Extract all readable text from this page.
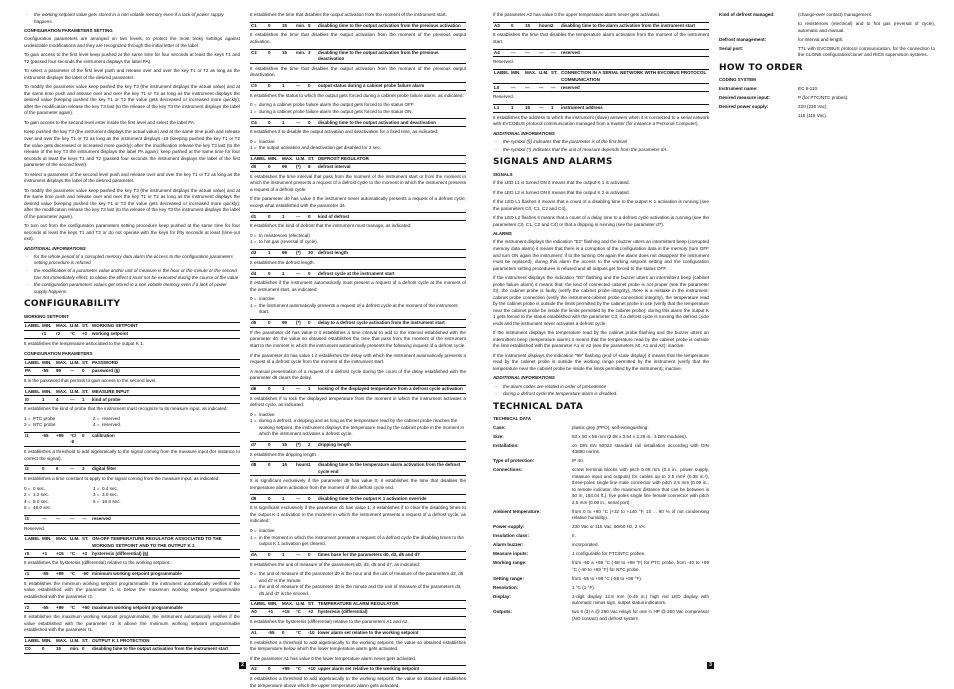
- the working setpoint value gets stored in a non volatile memory even if a lack of power supply happens.
CONFIGURATION PARAMETERS SETTING

Configuration parameters are arranged on two levels, to protect the most tricky settings against undesirable modifications and they are recognized through the initial letter of the label.

To gain access to the first level keep pushed at the same time for four seconds at least the keys T1 and T2 (passed four seconds the instrument displays the label PA).

To select a parameter of the first level push and release over and over the key T1 or T2 as long as the instrument displays the label of the desired parameter.

To modify the parameter value keep pushed the key T3 (the instrument displays the actual value) and at the same time push and release over and over the key T1 or T2 as long as the instrument displays the desired value (keeping pushed the key T1 or T2 the value gets decreased or increased more quickly); after the modification release the key T3 last (to the release of the key T3 the instrument displays the label of the parameter again).

To gain access to the second level enter inside the first level and select the label PA.

Keep pushed the key T3 (the instrument displays the actual value) and at the same time push and release over and over the key T1 or T2 as long as the instrument displays -19 (keeping pushed the key T1 or T2 the value gets decreased or increased more quickly); after the modification release the key T3 last (to the release of the key T3 the instrument displays the label PA again); keep pushed at the same time for four seconds at least the keys T1 and T2 (passed four seconds the instrument displays the label of the first parameter of the second level).

To select a parameter of the second level push and release over and over the key T1 or T2 as long as the instrument displays the label of the desired parameter.

To modify the parameter value keep pushed the key T3 (the instrument displays the actual value) and at the same time push and release over and over the key T1 or T2 as long as the instrument displays the desired value (keeping pushed the key T1 or T2 the value gets decreased or increased more quickly); after the modification release the key T3 last (to the release of the key T3 the instrument displays the label of the parameter again).

To turn out from the configuration parameters setting procedure keep pushed at the same time for four seconds at least the keys T1 and T2 or do not operate with the keys for fifty seconds at least (time-out exit).

ADDITIONAL INFORMATIONS
- for the whole period of a corrupted memory data alarm the access to the configuration parameters setting procedure is refused
- the modification of a parameter value and/or unit of measure is the hour or the minute or the second has not immediately effect, to obtain the effect it must not be executed during the course of the value
- the configuration parameters values get stored in a non volatile memory even if a lack of power supply happens.
CONFIGURABILITY
WORKING SETPOINT
LABEL	MIN.	MAX.	U.M.	ST.	WORKING SETPOINT
	r1	r2	°C	+2	working setpoint

It establishes the temperature associated to the output K 1.

CONFIGURATION PARAMETERS
LABEL	MIN.	MAX.	U.M.	ST.	PASSWORD
PA	-55	99	---	0	password (§)

It is the password that permits to gain access to the second level.

LABEL	MIN.	MAX.	U.M.	ST.	MEASURE INPUT
/0	1	4	---	1	kind of probe

It establishes the kind of probe that the instrument must recognize to its measure input, as indicated:

1 = PTC probe	2 = reserved
3 = NTC probe	4 = reserved.
/1	-55	+99	°C/·8	0	calibration

It establishes a threshold to add algebraically to the signal coming from the measure input (for instance to correct the signal).

/2	0	6	---	3	digital filter

It establishes a time constant to apply to the signal coming from the measure input, as indicated:

0 = 0 sec.	1 = 0.4 sec.
2 = 1.2 sec.	3 = 3.0 sec.
4 = 8.0 sec.	5 = 19.8 sec.
6 = 48.0 sec.
/3	---	---	---	---	reserved

Reserved.

LABEL	MIN.	MAX.	U.M.	ST.	ON-OFF TEMPERATURE REGULATOR ASSOCIATED TO THE WORKING SETPOINT AND TO THE OUTPUT K 1
r0	+1	+15	°C	+2	hysteresis (differential) (§)

It establishes the hysteresis (differential) relative to the working setpoint.

r1	-55	+99	°C	-50	minimum working setpoint programmable

It establishes the minimum working setpoint programmable; the instrument automatically verifies if the value established with the parameter r1 is below the maximum working setpoint programmable established with the parameter r2.

r2	-55	+99	°C	+50	maximum working setpoint programmable

It establishes the maximum working setpoint programmable; the instrument automatically verifies if the value established with the parameter r2 is above the minimum working setpoint programmable established with the parameter r1.

LABEL	MIN.	MAX.	U.M.	ST.	OUTPUT K 1 PROTECTION
C0	0	15	min.	0	disabling time to the output activation from the instrument start

It establishes the time that disables the output activation from the moment of the instrument start.

C1	0	15	min.	5	disabling time to the output activation from the previous activation

It establishes the time that disables the output activation from the moment of the previous output activation.

C2	0	15	min.	3	disabling time to the output activation from the previous deactivation

It establishes the time that disables the output activation from the moment of the previous output deactivation.

C3	0	1	---	0	output status during a cabinet probe failure alarm

It establishes the status to which the output gets forced during a cabinet probe failure alarm, as indicated:

0 = during a cabinet probe failure alarm the output gets forced to the status OFF
1 = during a cabinet probe failure alarm the output gets forced to the status ON.
C4	0	1	---	0	disabling time to the output activation and deactivation

It establishes if to disable the output activation and deactivation for a fixed time, as indicated:

0 = inactive
1 = the output activation and deactivation get disabled for 3 sec.
LABEL	MIN.	MAX.	U.M.	ST.	DEFROST REGULATOR
d0	0	99	(*)	8	defrost interval

It establishes the time interval that pass from the moment of the instrument start or from the moment in which the instrument presents a request of a defrost cycle to the moment in which the instrument presents a request of a defrost cycle.

If the parameter d0 has value 0 the instrument never automatically presents a request of a defrost cycle, except what established with the parameter d4.

d1	0	1	---	0	kind of defrost

It establishes the kind of defrost that the instrument must manage, as indicated:

0 = to resistences (electrical)
1 = to hot gas (reversal of cycle).
d3	1	99	(*)	30	defrost length

It establishes the defrost length.

d4	0	1	---	0	defrost cycle at the instrument start

It establishes if the instrument automatically must present a request of a defrost cycle at the moment of the instrument start, as indicated:

0 = inactive
1 = the instrument automatically presents a request of a defrost cycle at the moment of the instrument start.
d5	0	99	(*)	0	delay to a defrost cycle activation from the instrument start

If the parameter d4 has value 0 it establishes a time interval to add to the interval established with the parameter d0; the value so obtained establishes the time that pass from the moment of the instrument start to the moment in which the instrument automatically presents the following request of a defrost cycle.

If the parameter d4 has value 1 it establishes the delay with which the instrument automatically presents a request of a defrost cycle from the moment of the instrument start.

A manual presentation of a request of a defrost cycle during the count of the delay established with the parameter d5 clears the delay.

d6	0	1	---	1	locking of the displayed temperature from a defrost cycle activation

It establishes if to lock the displayed temperature from the moment in which the instrument activates a defrost cycle, as indicated:

0 = inactive
1 = during a defrost, a dripping and as long as the temperature read by the cabinet probe reaches the working setpoint, the instrument displays the temperature read by the cabinet probe in the moment in which the instrument activates a defrost cycle.
d7	0	15	(*)	2	dripping length

It establishes the dripping length.

d8	0	15	hours	1	disabling time to the temperature alarm activation from the defrost cycle end

It is significant exclusively if the parameter d6 has value 0; it establishes the time that disables the temperature alarm activation from the moment of the defrost cycle end.

d9	0	1	---	0	disabling time to the output K 1 activation override

It is significant exclusively if the parameter d1 has value 1; it establishes if to clear the disabling times to the output K 1 activation in the moment in which the instrument presents a request of a defrost cycle, as indicated:

0 = inactive
1 = in the moment in which the instrument presents a request of a defrost cycle the disabling times to the output K 1 activation get cleared.
dA	0	1	---	0	times base for the parameters d0, d3, d5 and d7

It establishes the unit of measure of the parameters d0, d3, d5 and d7, as indicated:

0 = the unit of measure of the parameter d0 is the hour and the unit of measure of the parameters d3, d5 and d7 is the minute
1 = the unit of measure of the parameter d0 is the minute and the unit of measure of the parameters d3, d5 and d7 is the second.
LABEL	MIN.	MAX.	U.M.	ST.	TEMPERATURE ALARM REGULATOR
A0	+1	+15	°C	+2	hysteresis (differential)

It establishes the hysteresis (differential) relative to the parameters A1 and A2.

A1	-55	0	°C	-10	lower alarm set relative to the working setpoint

It establishes a threshold to add algebraically to the working setpoint; the value so obtained establishes the temperature below which the lower temperature alarm gets activated.

If the parameter A1 has value 0 the lower temperature alarm never gets activated.

A2	0	+99	°C	+10	upper alarm set relative to the working setpoint

It establishes a threshold to add algebraically to the working setpoint; the value so obtained establishes the temperature above which the upper temperature alarm gets activated.

2

If the parameter A2 has value 0 the upper temperature alarm never gets activated.

A3	0	15	hours	2	disabling time to the alarm activation from the instrument start

It establishes the time that disables the temperature alarm activation from the moment of the instrument start.

A4	---	---	---	---	reserved

Reserved.

LABEL	MIN.	MAX.	U.M.	ST.	CONNECTION IN A SERIAL NETWORK WITH EVCOBUS PROTOCOL COMMUNICATION
L0	---	---	---	---	reserved

Reserved.

L1	1	15	---	1	instrument address

It establishes the address to which the instrument (slave) answers when it is connected to a serial network with EVCOBUS protocol communication managed from a master (for instance a Personal Computer).

ADDITIONAL INFORMATIONS
- the symbol (§) indicates that the parameter is of the first level
- the symbol (*) indicates that the unit of measure depends from the parameter dA.
SIGNALS AND ALARMS
SIGNALS

If the LED L1 is turned ON it means that the output K 1 is activated.

If the LED L2 is turned ON it means that the output K 2 is activated.

If the LED L1 flashes it means that a count of a disabling time to the output K 1 activation is running (see the parameters C0, C1, C2 and C4).

If the LED L2 flashes it means that a count of a delay time to a defrost cycle activation is running (see the parameters C0, C1, C2 and C4) or that a dripping is running (see the parameter d7).

ALARMS

If the instrument displays the indication "E2" flashing and the buzzer utters an intermittent beep (corrupted memory data alarm) it means that there is a corruption of the configuration data in the memory (turn OFF and turn ON again the instrument: if to the turning ON again the alarm does not disappear the instrument must be replaced); during this alarm the access to the working setpoint setting and the configuration parameters setting procedures is refused and all outputs get forced to the status OFF.

If the instrument displays the indication "E0" flashing and the buzzer utters an intermittent beep (cabinet probe failure alarm) it means that: the kind of connected cabinet probe is not proper (see the parameter /0), the cabinet probe is faulty (verify the cabinet probe integrity), there is a mistake in the instrument-cabinet probe connection (verify the instrument-cabinet probe connection integrity), the temperature read by the cabinet probe is outside the limits permitted by the cabinet probe in use (verify that the temperature near the cabinet probe be inside the limits permitted by the cabinet probe); during this alarm the output K 1 gets forced to the status established with the parameter C3, if a defrost cycle is running the defrost cycle ends and the instrument never activates a defrost cycle.

If the instrument displays the temperature read by the cabinet probe flashing and the buzzer utters an intermittent beep (temperature alarm) it means that the temperature read by the cabinet probe is outside the limit established with the parameter A1 or A2 (see the parameters A0, A1 and A2); inactive.

If the instrument displays the indication "99" flashing (end of scale display) it means that the temperature read by the cabinet probe is outside the working range permitted by the instrument (verify that the temperature near the cabinet probe be inside the limits permitted by the instrument); inactive.

ADDITIONAL INFORMATIONS
- the alarm codes are related in order of precedence
- during a defrost cycle the temperature alarm is disabled.
TECHNICAL DATA
TECHNICAL DATA
Case:	plastic grey (PPO), self-extinguishing.
Size:	53 x 90 x 58 mm (2.08 x 3.54 x 2.28 in., 3 DIN modules).
Installation:	on DIN EN 50022 standard rail installation according with DIN 43880 norms.
Type of protection:	IP 40.
Connections:	screw terminal blocks with pitch 5.08 mm (0.2 in., power supply, measure input and outputs) for cables up to 2.5 mm² (0.38 in.²), three-poles single line male connector with pitch 2.5 mm (0.09 in., to remote indicator, the maximum distance that can be between is 50 m, 164.04 ft.), five poles single line female connector with pitch 2.5 mm (0.09 in., serial port).
Ambient temperature:	from 0 to +60 °C (+32 to +140 °F, 10 ... 90 % of not condensing relative humidity).
Power supply:	230 Vac or 115 Vac, 50/60 Hz, 2 VA.
Insulation class:	II.
Alarm buzzer:	incorporated.
Measure inputs:	1 configurable for PTC/NTC probes.
Working range:	from -50 a +99 °C (-58 to +99 °F) for PTC probe, from -40 to +99 °C (-40 to +99 °F) for NTC probe.
Setting range:	from -55 to +99 °C (-55 to +99 °F).
Resolution:	1 °C (1 °F).
Display:	2-digit display 12.5 mm (0.49 in.) high red LED display with automatic minus sign, output status indicators.
Outputs:	two 6 (3) A @ 250 Vac relays for one ½ HP @ 250 Vac compressor (NO contact) and defrost system
Kind of defrost managed:	(change-over contact) management.
to resistences (electrical) and to hot gas (reversal of cycle), automatic and manual.
Defrost management:	for interval and length.
Serial port:	TTL with EVCOBUS protocol communication, for the connection to the CLONE configuration/cloner and RICS supervision systems.
HOW TO ORDER
CODING SYSTEM
Instrument name:	EC 6-110.
Desired measure input:	P (for PTC/NTC probes).
Desired power supply:	220 (230 Vac)
115 (115 Vac).
3
